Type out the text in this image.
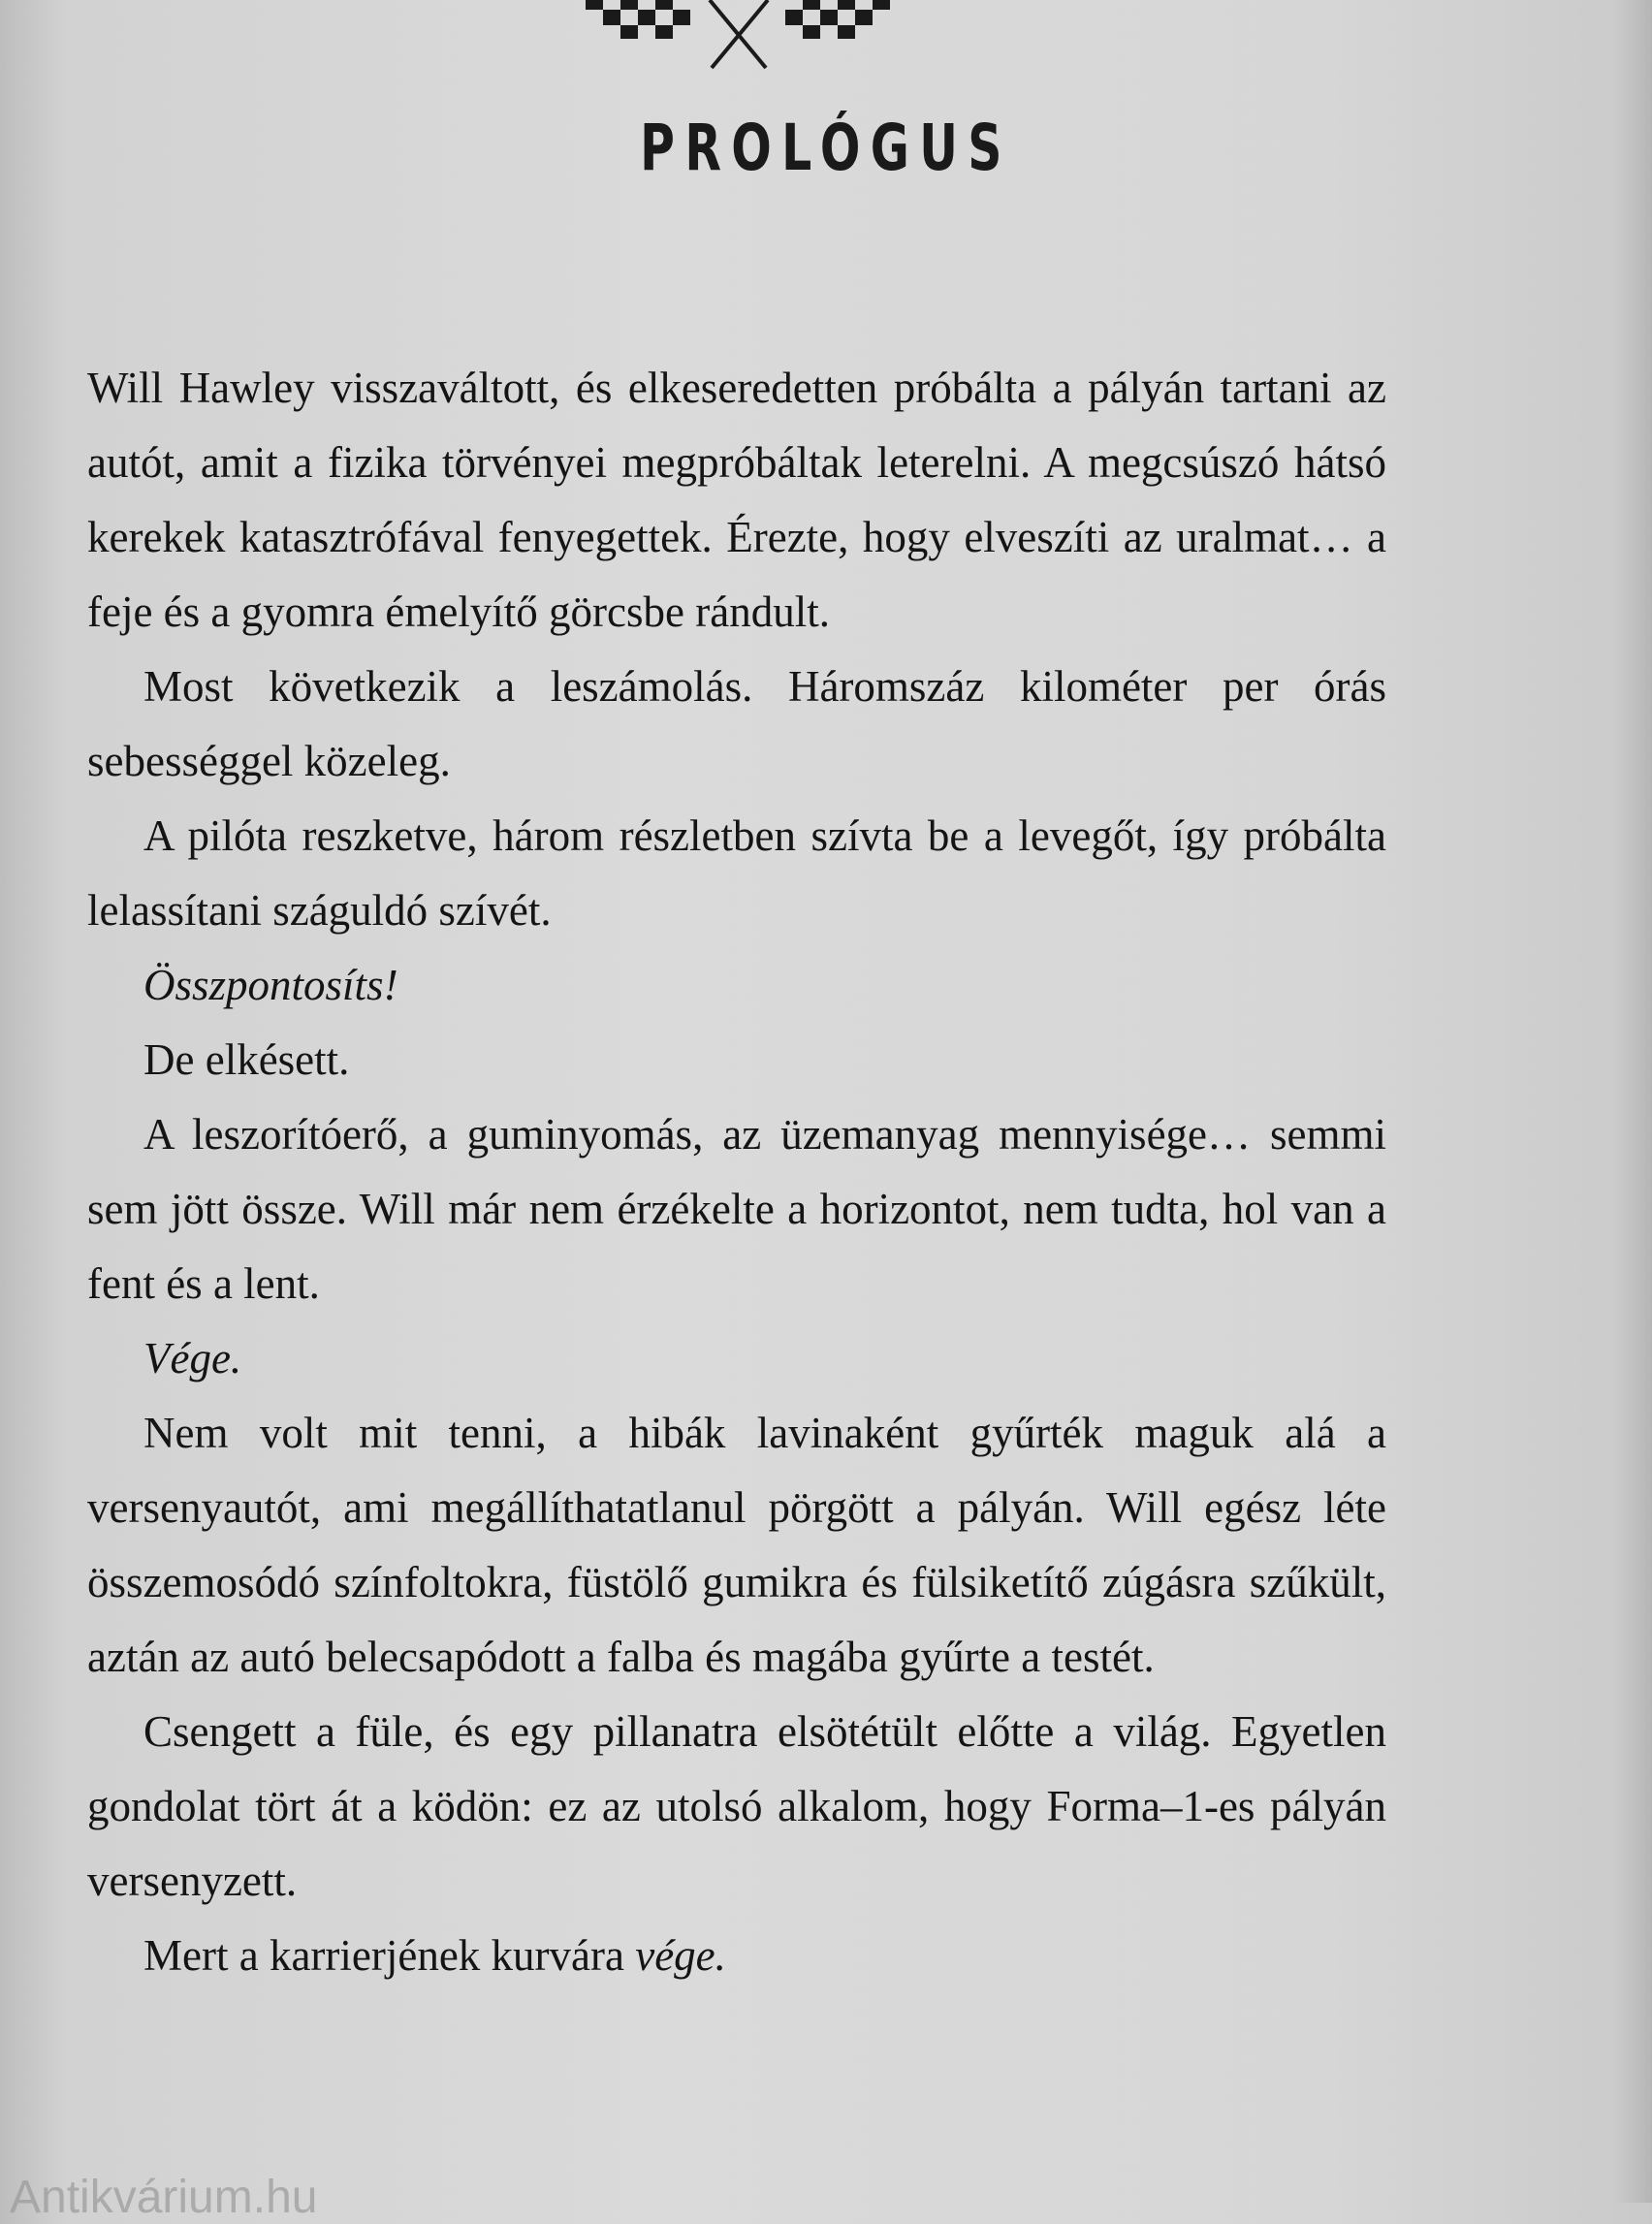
PROLÓGUS

Will Hawley visszaváltott, és elkeseredetten próbálta a pályán tartani az autót, amit a fizika törvényei megpróbáltak leterelni. A megcsúszó hátsó kerekek katasztrófával fenyegettek. Érezte, hogy elveszíti az uralmat… a feje és a gyomra émelyítő görcsbe rándult.

Most következik a leszámolás. Háromszáz kilométer per órás sebességgel közeleg.

A pilóta reszketve, három részletben szívta be a levegőt, így próbálta lelassítani száguldó szívét.

Összpontosíts!

De elkésett.

A leszorítóerő, a guminyomás, az üzemanyag mennyisége… semmi sem jött össze. Will már nem érzékelte a horizontot, nem tudta, hol van a fent és a lent.

Vége.

Nem volt mit tenni, a hibák lavinaként gyűrték maguk alá a versenyautót, ami megállíthatatlanul pörgött a pályán. Will egész léte összemosódó színfoltokra, füstölő gumikra és fülsiketítő zúgásra szűkült, aztán az autó belecsapódott a falba és magába gyűrte a testét.

Csengett a füle, és egy pillanatra elsötétült előtte a világ. Egyetlen gondolat tört át a ködön: ez az utolsó alkalom, hogy Forma–1-es pályán versenyzett.

Mert a karrierjének kurvára vége.

Antikvárium.hu
